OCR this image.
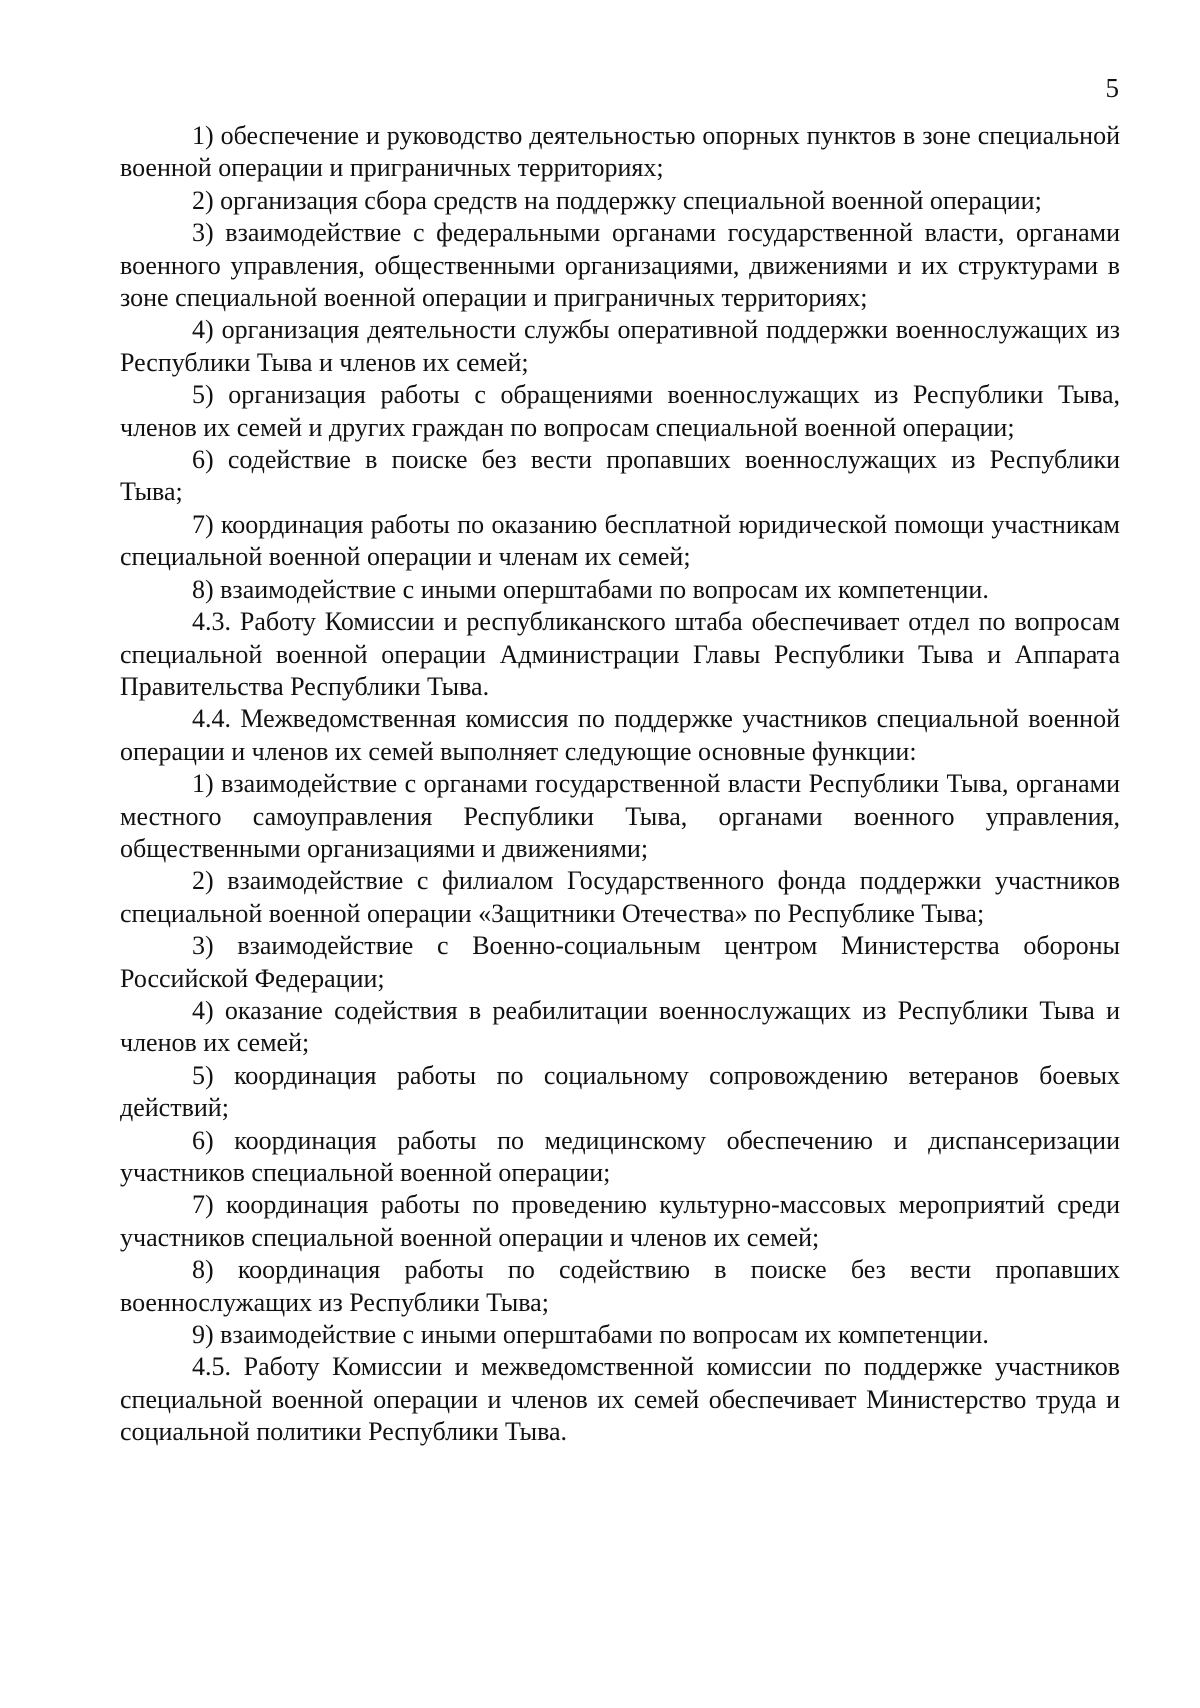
5

1) обеспечение и руководство деятельностью опорных пунктов в зоне специальной военной операции и приграничных территориях;

2) организация сбора средств на поддержку специальной военной операции;

3) взаимодействие с федеральными органами государственной власти, органами военного управления, общественными организациями, движениями и их структурами в зоне специальной военной операции и приграничных территориях;

4) организация деятельности службы оперативной поддержки военнослужащих из Республики Тыва и членов их семей;

5) организация работы с обращениями военнослужащих из Республики Тыва, членов их семей и других граждан по вопросам специальной военной операции;

6) содействие в поиске без вести пропавших военнослужащих из Республики Тыва;

7) координация работы по оказанию бесплатной юридической помощи участникам специальной военной операции и членам их семей;

8) взаимодействие с иными оперштабами по вопросам их компетенции.

4.3. Работу Комиссии и республиканского штаба обеспечивает отдел по вопросам специальной военной операции Администрации Главы Республики Тыва и Аппарата Правительства Республики Тыва.

4.4. Межведомственная комиссия по поддержке участников специальной военной операции и членов их семей выполняет следующие основные функции:

1) взаимодействие с органами государственной власти Республики Тыва, органами местного самоуправления Республики Тыва, органами военного управления, общественными организациями и движениями;

2) взаимодействие с филиалом Государственного фонда поддержки участников специальной военной операции «Защитники Отечества» по Республике Тыва;

3) взаимодействие с Военно-социальным центром Министерства обороны Российской Федерации;

4) оказание содействия в реабилитации военнослужащих из Республики Тыва и членов их семей;

5) координация работы по социальному сопровождению ветеранов боевых действий;

6) координация работы по медицинскому обеспечению и диспансеризации участников специальной военной операции;

7) координация работы по проведению культурно-массовых мероприятий среди участников специальной военной операции и членов их семей;

8) координация работы по содействию в поиске без вести пропавших военнослужащих из Республики Тыва;

9) взаимодействие с иными оперштабами по вопросам их компетенции.

4.5. Работу Комиссии и межведомственной комиссии по поддержке участников специальной военной операции и членов их семей обеспечивает Министерство труда и социальной политики Республики Тыва.
